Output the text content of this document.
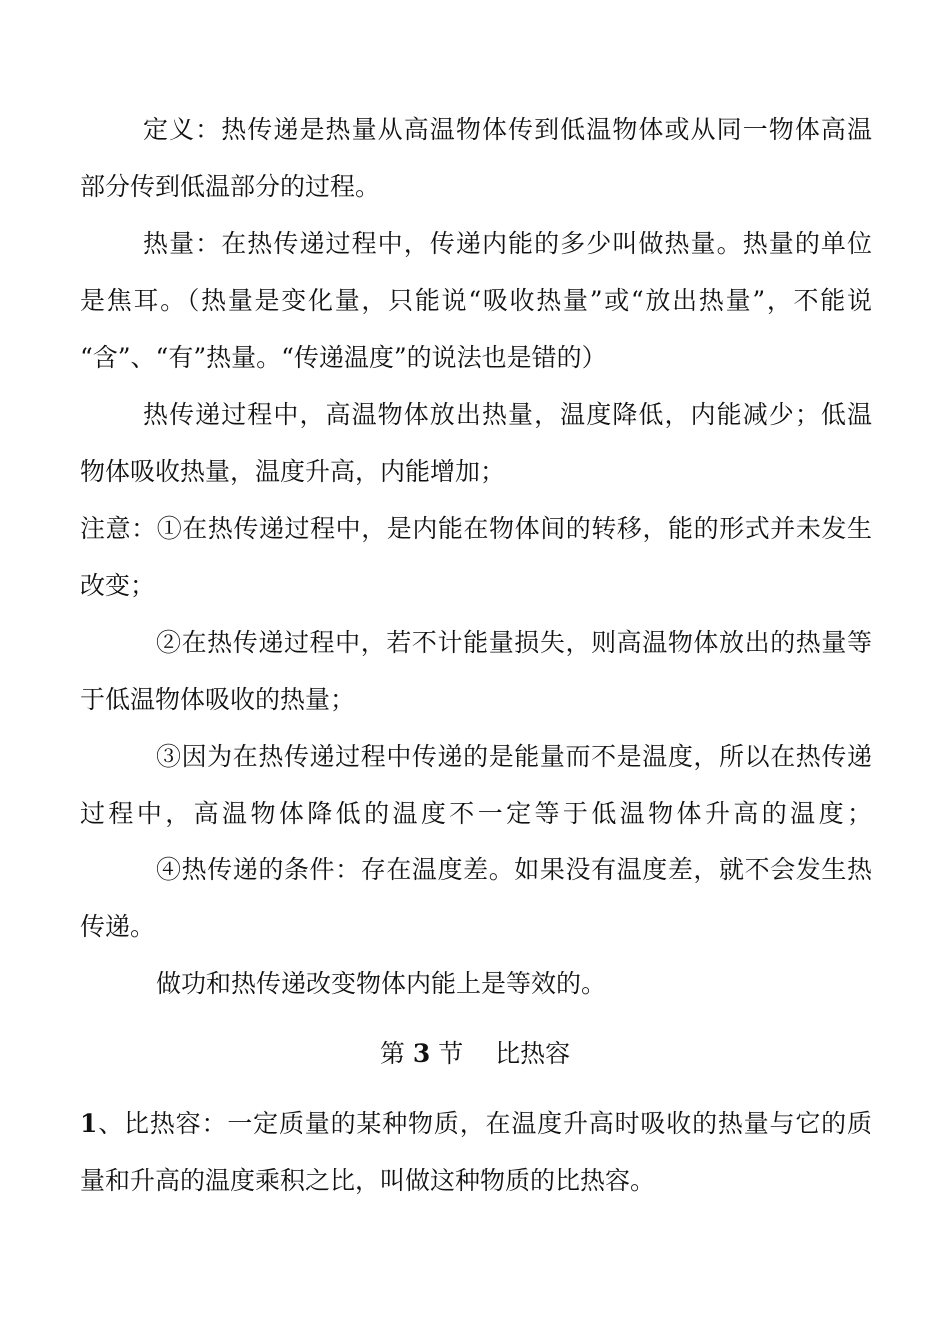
定义：热传递是热量从高温物体传到低温物体或从同一物体高温
部分传到低温部分的过程。
热量：在热传递过程中，传递内能的多少叫做热量。热量的单位
是焦耳。（热量是变化量，只能说“吸收热量”或“放出热量”，不能说
“含”、“有”热量。“传递温度”的说法也是错的）
热传递过程中，高温物体放出热量，温度降低，内能减少；低温
物体吸收热量，温度升高，内能增加；
注意：①在热传递过程中，是内能在物体间的转移，能的形式并未发生
改变；
②在热传递过程中，若不计能量损失，则高温物体放出的热量等
于低温物体吸收的热量；
③因为在热传递过程中传递的是能量而不是温度，所以在热传递
过程中，高温物体降低的温度不一定等于低温物体升高的温度；
④热传递的条件：存在温度差。如果没有温度差，就不会发生热
传递。
做功和热传递改变物体内能上是等效的。
第 3 节 比热容
1、比热容：一定质量的某种物质，在温度升高时吸收的热量与它的质
量和升高的温度乘积之比，叫做这种物质的比热容。
